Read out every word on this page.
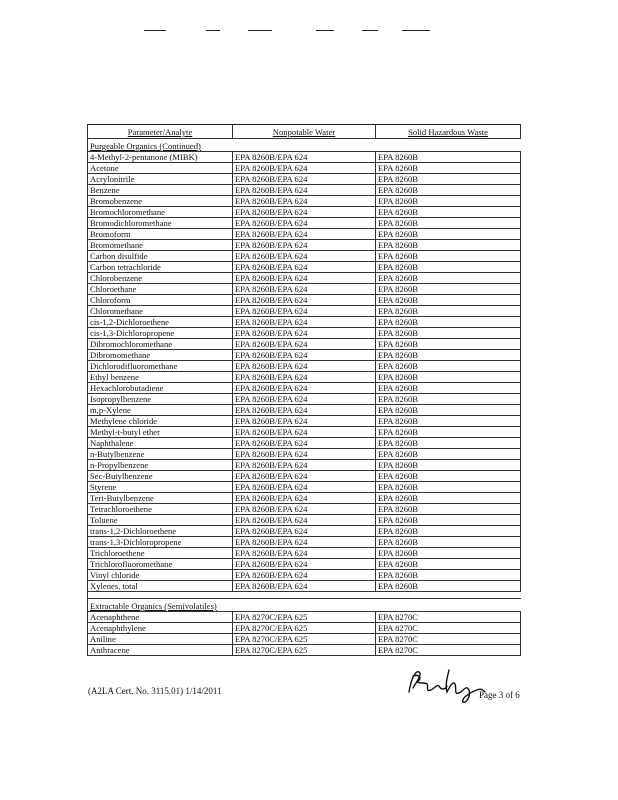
Parameter/Analyte	Nonpotable Water	Solid Hazardous Waste
Purgeable Organics (Continued)		
4-Methyl-2-pentanone (MIBK)	EPA 8260B/EPA 624	EPA 8260B
Acetone	EPA 8260B/EPA 624	EPA 8260B
Acrylonitrile	EPA 8260B/EPA 624	EPA 8260B
Benzene	EPA 8260B/EPA 624	EPA 8260B
Bromobenzene	EPA 8260B/EPA 624	EPA 8260B
Bromochloromethane	EPA 8260B/EPA 624	EPA 8260B
Bromodichloromethane	EPA 8260B/EPA 624	EPA 8260B
Bromoform	EPA 8260B/EPA 624	EPA 8260B
Bromomethane	EPA 8260B/EPA 624	EPA 8260B
Carbon disulfide	EPA 8260B/EPA 624	EPA 8260B
Carbon tetrachloride	EPA 8260B/EPA 624	EPA 8260B
Chlorobenzene	EPA 8260B/EPA 624	EPA 8260B
Chloroethane	EPA 8260B/EPA 624	EPA 8260B
Chloroform	EPA 8260B/EPA 624	EPA 8260B
Chloromethane	EPA 8260B/EPA 624	EPA 8260B
cis-1,2-Dichloroethene	EPA 8260B/EPA 624	EPA 8260B
cis-1,3-Dichloropropene	EPA 8260B/EPA 624	EPA 8260B
Dibromochloromethane	EPA 8260B/EPA 624	EPA 8260B
Dibromomethane	EPA 8260B/EPA 624	EPA 8260B
Dichlorodifluoromethane	EPA 8260B/EPA 624	EPA 8260B
Ethyl benzene	EPA 8260B/EPA 624	EPA 8260B
Hexachlorobutadiene	EPA 8260B/EPA 624	EPA 8260B
Isopropylbenzene	EPA 8260B/EPA 624	EPA 8260B
m,p-Xylene	EPA 8260B/EPA 624	EPA 8260B
Methylene chloride	EPA 8260B/EPA 624	EPA 8260B
Methyl-t-butyl ether	EPA 8260B/EPA 624	EPA 8260B
Naphthalene	EPA 8260B/EPA 624	EPA 8260B
n-Butylbenzene	EPA 8260B/EPA 624	EPA 8260B
n-Propylbenzene	EPA 8260B/EPA 624	EPA 8260B
Sec-Butylbenzene	EPA 8260B/EPA 624	EPA 8260B
Styrene	EPA 8260B/EPA 624	EPA 8260B
Tert-Butylbenzene	EPA 8260B/EPA 624	EPA 8260B
Tetrachloroethene	EPA 8260B/EPA 624	EPA 8260B
Toluene	EPA 8260B/EPA 624	EPA 8260B
trans-1,2-Dichloroethene	EPA 8260B/EPA 624	EPA 8260B
trans-1,3-Dichloropropene	EPA 8260B/EPA 624	EPA 8260B
Trichloroethene	EPA 8260B/EPA 624	EPA 8260B
Trichlorofluoromethane	EPA 8260B/EPA 624	EPA 8260B
Vinyl chloride	EPA 8260B/EPA 624	EPA 8260B
Xylenes, total	EPA 8260B/EPA 624	EPA 8260B

Extractable Organics (Semivolatiles)		
Acenaphthene	EPA 8270C/EPA 625	EPA 8270C
Acenaphthylene	EPA 8270C/EPA 625	EPA 8270C
Aniline	EPA 8270C/EPA 625	EPA 8270C
Anthracene	EPA 8270C/EPA 625	EPA 8270C
(A2LA Cert. No. 3115.01) 1/14/2011	Page 3 of 6
